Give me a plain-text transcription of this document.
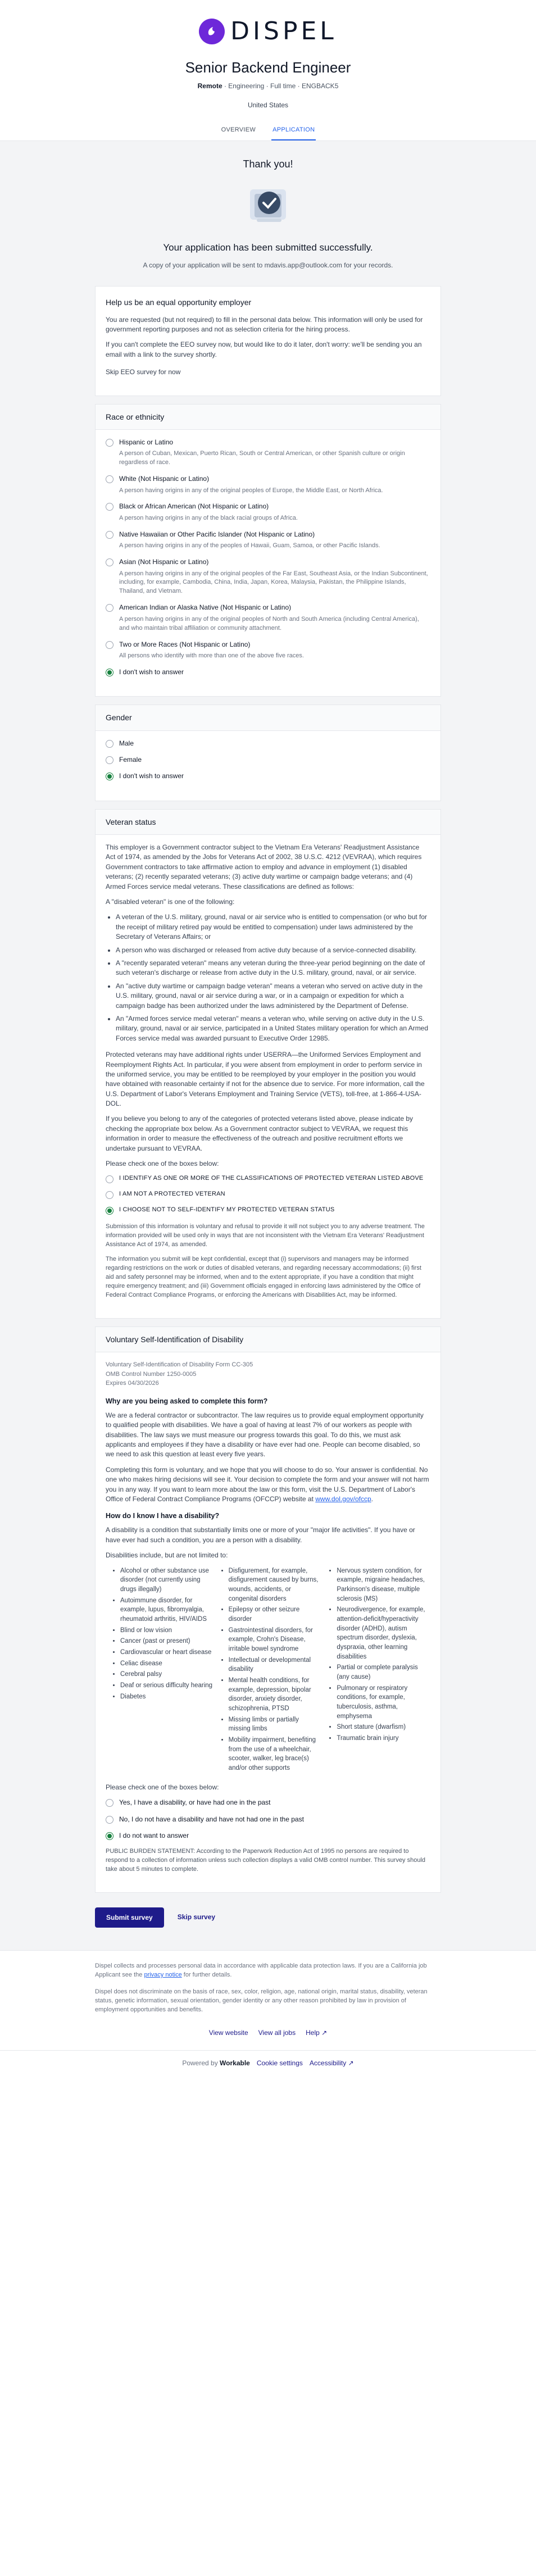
DISPEL
Senior Backend Engineer
Remote · Engineering · Full time · ENGBACK5
United States
OVERVIEW	APPLICATION
Thank you!
Your application has been submitted successfully.
A copy of your application will be sent to mdavis.app@outlook.com for your records.
Help us be an equal opportunity employer

You are requested (but not required) to fill in the personal data below. This information will only be used for government reporting purposes and not as selection criteria for the hiring process.

If you can't complete the EEO survey now, but would like to do it later, don't worry: we'll be sending you an email with a link to the survey shortly.

Skip EEO survey for now
Race or ethnicity
Hispanic or Latino
A person of Cuban, Mexican, Puerto Rican, South or Central American, or other Spanish culture or origin regardless of race.
White (Not Hispanic or Latino)
A person having origins in any of the original peoples of Europe, the Middle East, or North Africa.
Black or African American (Not Hispanic or Latino)
A person having origins in any of the black racial groups of Africa.
Native Hawaiian or Other Pacific Islander (Not Hispanic or Latino)
A person having origins in any of the peoples of Hawaii, Guam, Samoa, or other Pacific Islands.
Asian (Not Hispanic or Latino)
A person having origins in any of the original peoples of the Far East, Southeast Asia, or the Indian Subcontinent, including, for example, Cambodia, China, India, Japan, Korea, Malaysia, Pakistan, the Philippine Islands, Thailand, and Vietnam.
American Indian or Alaska Native (Not Hispanic or Latino)
A person having origins in any of the original peoples of North and South America (including Central America), and who maintain tribal affiliation or community attachment.
Two or More Races (Not Hispanic or Latino)
All persons who identify with more than one of the above five races.
I don't wish to answer
Gender
Male
Female
I don't wish to answer
Veteran status

This employer is a Government contractor subject to the Vietnam Era Veterans' Readjustment Assistance Act of 1974, as amended by the Jobs for Veterans Act of 2002, 38 U.S.C. 4212 (VEVRAA), which requires Government contractors to take affirmative action to employ and advance in employment (1) disabled veterans; (2) recently separated veterans; (3) active duty wartime or campaign badge veterans; and (4) Armed Forces service medal veterans. These classifications are defined as follows:

A "disabled veteran" is one of the following:

• A veteran of the U.S. military, ground, naval or air service who is entitled to compensation (or who but for the receipt of military retired pay would be entitled to compensation) under laws administered by the Secretary of Veterans Affairs; or
• A person who was discharged or released from active duty because of a service-connected disability.
• A "recently separated veteran" means any veteran during the three-year period beginning on the date of such veteran's discharge or release from active duty in the U.S. military, ground, naval, or air service.
• An "active duty wartime or campaign badge veteran" means a veteran who served on active duty in the U.S. military, ground, naval or air service during a war, or in a campaign or expedition for which a campaign badge has been authorized under the laws administered by the Department of Defense.
• An "Armed forces service medal veteran" means a veteran who, while serving on active duty in the U.S. military, ground, naval or air service, participated in a United States military operation for which an Armed Forces service medal was awarded pursuant to Executive Order 12985.

Protected veterans may have additional rights under USERRA—the Uniformed Services Employment and Reemployment Rights Act. In particular, if you were absent from employment in order to perform service in the uniformed service, you may be entitled to be reemployed by your employer in the position you would have obtained with reasonable certainty if not for the absence due to service. For more information, call the U.S. Department of Labor's Veterans Employment and Training Service (VETS), toll-free, at 1-866-4-USA-DOL.

If you believe you belong to any of the categories of protected veterans listed above, please indicate by checking the appropriate box below. As a Government contractor subject to VEVRAA, we request this information in order to measure the effectiveness of the outreach and positive recruitment efforts we undertake pursuant to VEVRAA.

Please check one of the boxes below:

I IDENTIFY AS ONE OR MORE OF THE CLASSIFICATIONS OF PROTECTED VETERAN LISTED ABOVE
I AM NOT A PROTECTED VETERAN
I CHOOSE NOT TO SELF-IDENTIFY MY PROTECTED VETERAN STATUS

Submission of this information is voluntary and refusal to provide it will not subject you to any adverse treatment. The information provided will be used only in ways that are not inconsistent with the Vietnam Era Veterans' Readjustment Assistance Act of 1974, as amended.

The information you submit will be kept confidential, except that (i) supervisors and managers may be informed regarding restrictions on the work or duties of disabled veterans, and regarding necessary accommodations; (ii) first aid and safety personnel may be informed, when and to the extent appropriate, if you have a condition that might require emergency treatment; and (iii) Government officials engaged in enforcing laws administered by the Office of Federal Contract Compliance Programs, or enforcing the Americans with Disabilities Act, may be informed.

Voluntary Self-Identification of Disability
Voluntary Self-Identification of Disability Form CC-305
OMB Control Number 1250-0005
Expires 04/30/2026
Why are you being asked to complete this form?

We are a federal contractor or subcontractor. The law requires us to provide equal employment opportunity to qualified people with disabilities. We have a goal of having at least 7% of our workers as people with disabilities. The law says we must measure our progress towards this goal. To do this, we must ask applicants and employees if they have a disability or have ever had one. People can become disabled, so we need to ask this question at least every five years.

Completing this form is voluntary, and we hope that you will choose to do so. Your answer is confidential. No one who makes hiring decisions will see it. Your decision to complete the form and your answer will not harm you in any way. If you want to learn more about the law or this form, visit the U.S. Department of Labor's Office of Federal Contract Compliance Programs (OFCCP) website at www.dol.gov/ofccp.

How do I know I have a disability?

A disability is a condition that substantially limits one or more of your "major life activities". If you have or have ever had such a condition, you are a person with a disability.

Disabilities include, but are not limited to:

• Alcohol or other substance use disorder (not currently using drugs illegally)
• Autoimmune disorder, for example, lupus, fibromyalgia, rheumatoid arthritis, HIV/AIDS
• Blind or low vision
• Cancer (past or present)
• Cardiovascular or heart disease
• Celiac disease
• Cerebral palsy
• Deaf or serious difficulty hearing
• Diabetes
• Disfigurement, for example, disfigurement caused by burns, wounds, accidents, or congenital disorders
• Epilepsy or other seizure disorder
• Gastrointestinal disorders, for example, Crohn's Disease, irritable bowel syndrome
• Intellectual or developmental disability
• Mental health conditions, for example, depression, bipolar disorder, anxiety disorder, schizophrenia, PTSD
• Missing limbs or partially missing limbs
• Mobility impairment, benefiting from the use of a wheelchair, scooter, walker, leg brace(s) and/or other supports
• Nervous system condition, for example, migraine headaches, Parkinson's disease, multiple sclerosis (MS)
• Neurodivergence, for example, attention-deficit/hyperactivity disorder (ADHD), autism spectrum disorder, dyslexia, dyspraxia, other learning disabilities
• Partial or complete paralysis (any cause)
• Pulmonary or respiratory conditions, for example, tuberculosis, asthma, emphysema
• Short stature (dwarfism)
• Traumatic brain injury

Please check one of the boxes below:

Yes, I have a disability, or have had one in the past
No, I do not have a disability and have not had one in the past
I do not want to answer

PUBLIC BURDEN STATEMENT: According to the Paperwork Reduction Act of 1995 no persons are required to respond to a collection of information unless such collection displays a valid OMB control number. This survey should take about 5 minutes to complete.

Submit survey	Skip survey

Dispel collects and processes personal data in accordance with applicable data protection laws. If you are a California job Applicant see the privacy notice for further details.

Dispel does not discriminate on the basis of race, sex, color, religion, age, national origin, marital status, disability, veteran status, genetic information, sexual orientation, gender identity or any other reason prohibited by law in provision of employment opportunities and benefits.

View website View all jobs Help ↗
Powered by Workable Cookie settings Accessibility ↗
